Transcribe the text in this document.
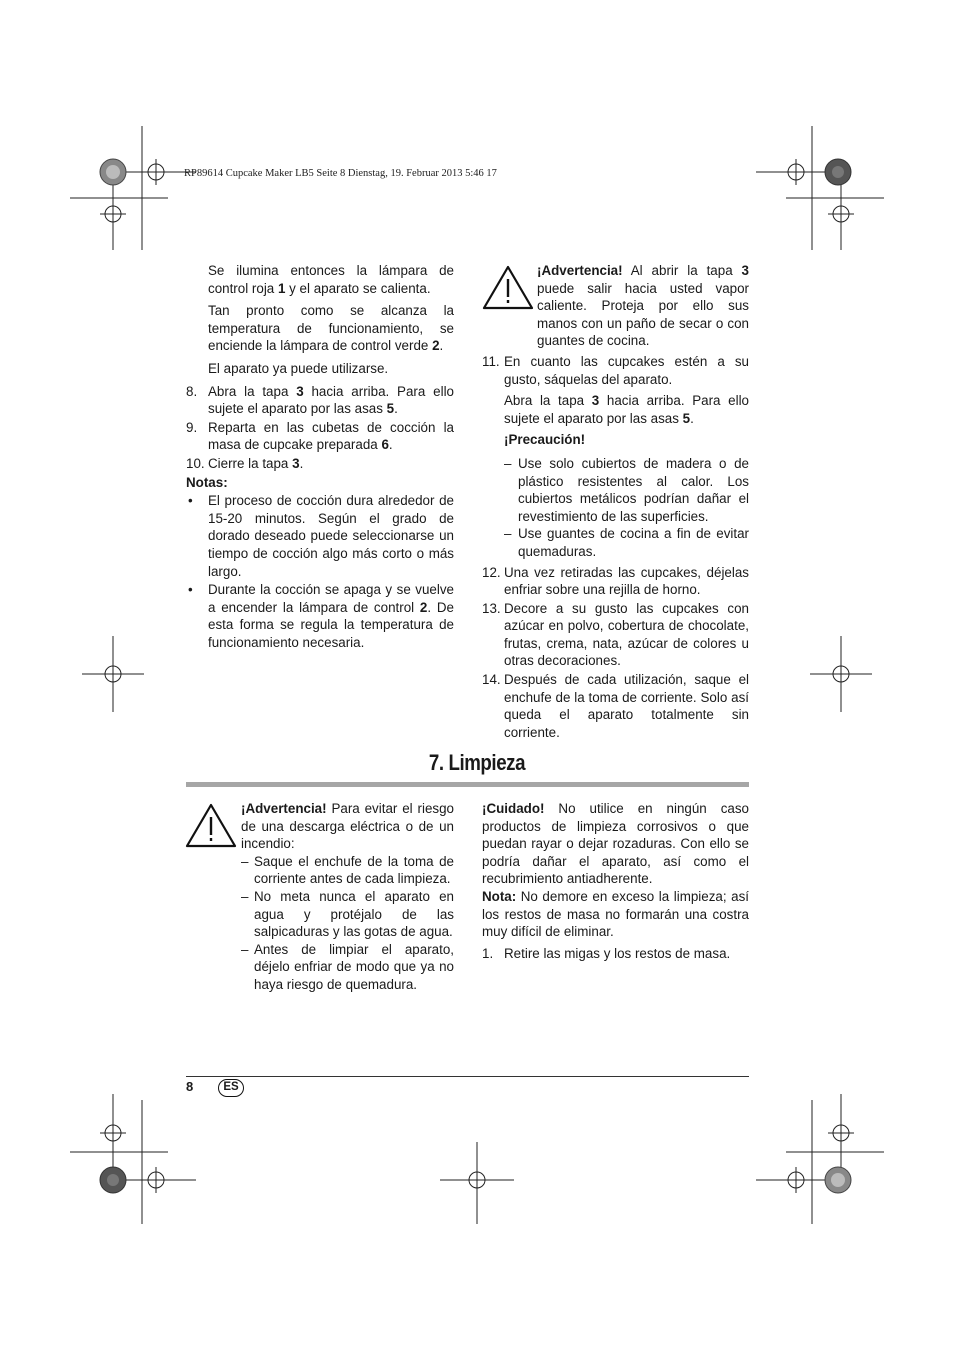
RP89614 Cupcake Maker LB5 Seite 8 Dienstag, 19. Februar 2013 5:46 17

Se ilumina entonces la lámpara de control roja 1 y el aparato se calienta.

Tan pronto como se alcanza la temperatura de funcionamiento, se enciende la lámpara de control verde 2.

El aparato ya puede utilizarse.

8. Abra la tapa 3 hacia arriba. Para ello sujete el aparato por las asas 5.

9. Reparta en las cubetas de cocción la masa de cupcake preparada 6.

10. Cierre la tapa 3.

Notas:

• El proceso de cocción dura alrededor de 15-20 minutos. Según el grado de dorado deseado puede seleccionarse un tiempo de cocción algo más corto o más largo.

• Durante la cocción se apaga y se vuelve a encender la lámpara de control 2. De esta forma se regula la temperatura de funcionamiento necesaria.

¡Advertencia! Al abrir la tapa 3 puede salir hacia usted vapor caliente. Proteja por ello sus manos con un paño de secar o con guantes de cocina.

11. En cuanto las cupcakes estén a su gusto, sáquelas del aparato.

Abra la tapa 3 hacia arriba. Para ello sujete el aparato por las asas 5.

¡Precaución!

– Use solo cubiertos de madera o de plástico resistentes al calor. Los cubiertos metálicos podrían dañar el revestimiento de las superficies.

– Use guantes de cocina a fin de evitar quemaduras.

12. Una vez retiradas las cupcakes, déjelas enfriar sobre una rejilla de horno.

13. Decore a su gusto las cupcakes con azúcar en polvo, cobertura de chocolate, frutas, crema, nata, azúcar de colores u otras decoraciones.

14. Después de cada utilización, saque el enchufe de la toma de corriente. Solo así queda el aparato totalmente sin corriente.

7. Limpieza

¡Advertencia! Para evitar el riesgo de una descarga eléctrica o de un incendio:

– Saque el enchufe de la toma de corriente antes de cada limpieza.

– No meta nunca el aparato en agua y protéjalo de las salpicaduras y las gotas de agua.

– Antes de limpiar el aparato, déjelo enfriar de modo que ya no haya riesgo de quemadura.

¡Cuidado! No utilice en ningún caso productos de limpieza corrosivos o que puedan rayar o dejar rozaduras. Con ello se podría dañar el aparato, así como el recubrimiento antiadherente.

Nota: No demore en exceso la limpieza; así los restos de masa no formarán una costra muy difícil de eliminar.

1. Retire las migas y los restos de masa.

8	ES
